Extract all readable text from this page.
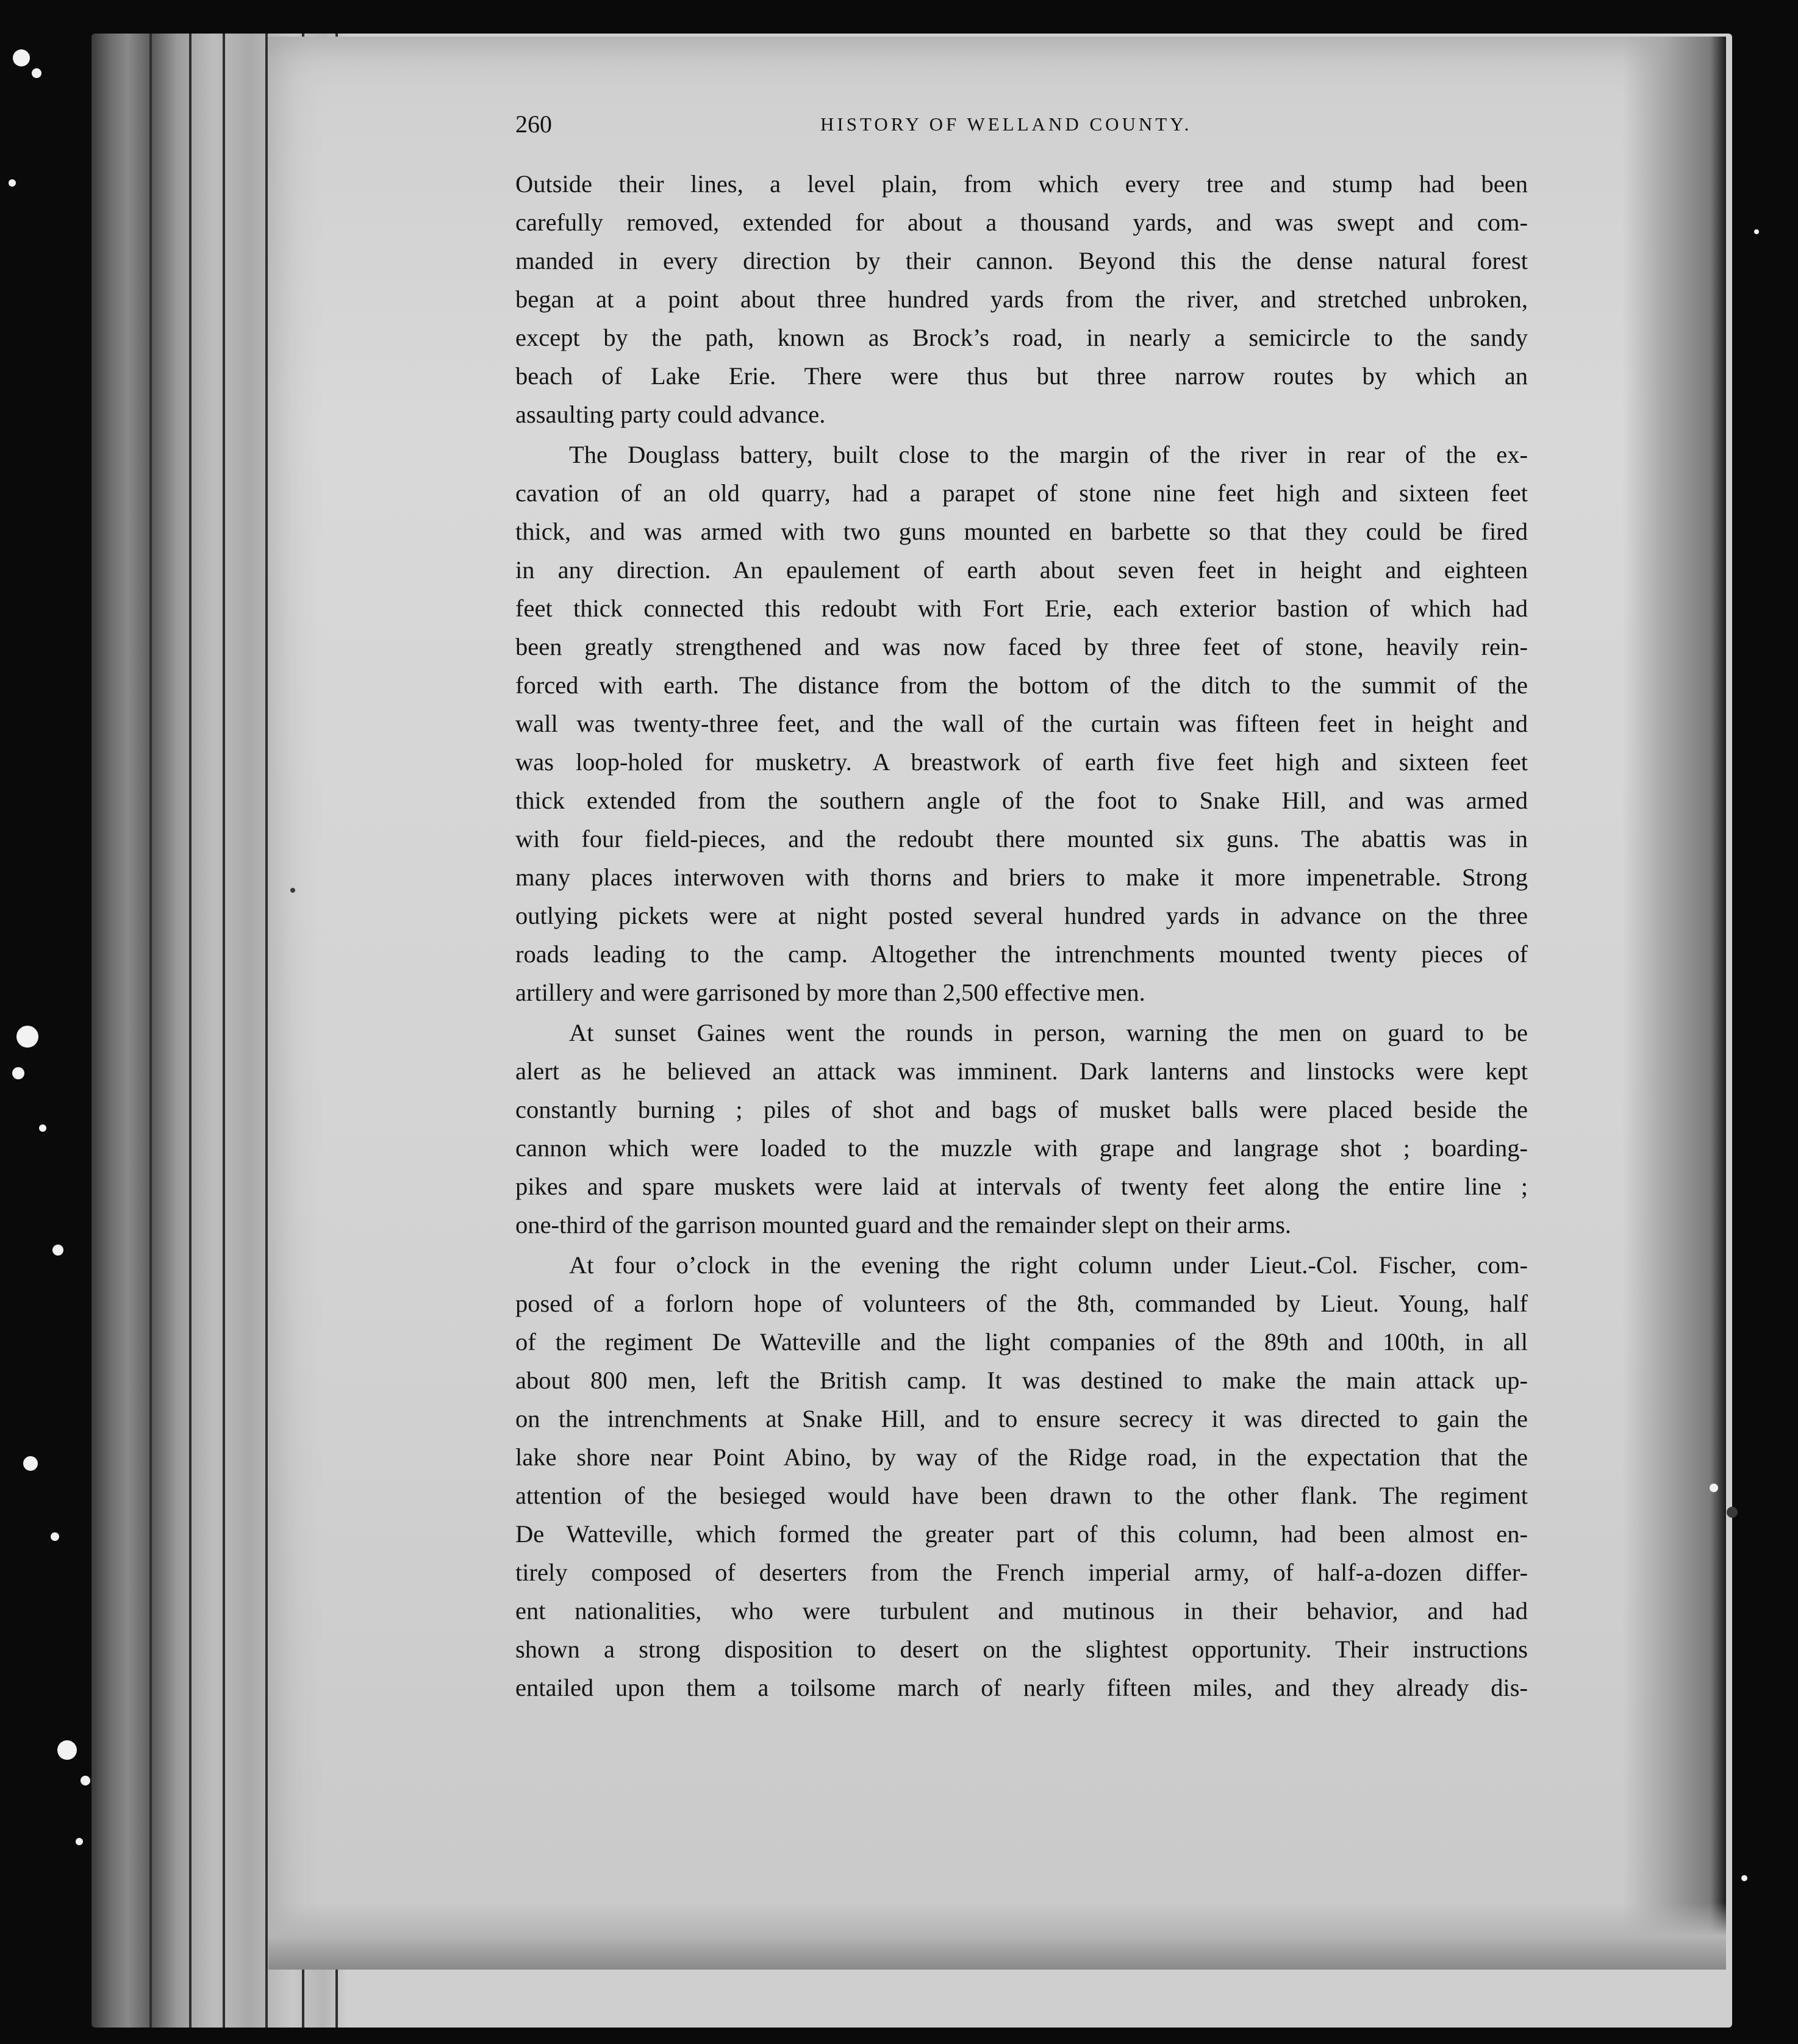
260	HISTORY OF WELLAND COUNTY.
Outside their lines, a level plain, from which every tree and stump had been
carefully removed, extended for about a thousand yards, and was swept and com-
manded in every direction by their cannon. Beyond this the dense natural forest
began at a point about three hundred yards from the river, and stretched unbroken,
except by the path, known as Brock’s road, in nearly a semicircle to the sandy
beach of Lake Erie. There were thus but three narrow routes by which an
assaulting party could advance.
The Douglass battery, built close to the margin of the river in rear of the ex-
cavation of an old quarry, had a parapet of stone nine feet high and sixteen feet
thick, and was armed with two guns mounted en barbette so that they could be fired
in any direction. An epaulement of earth about seven feet in height and eighteen
feet thick connected this redoubt with Fort Erie, each exterior bastion of which had
been greatly strengthened and was now faced by three feet of stone, heavily rein-
forced with earth. The distance from the bottom of the ditch to the summit of the
wall was twenty-three feet, and the wall of the curtain was fifteen feet in height and
was loop-holed for musketry. A breastwork of earth five feet high and sixteen feet
thick extended from the southern angle of the foot to Snake Hill, and was armed
with four field-pieces, and the redoubt there mounted six guns. The abattis was in
many places interwoven with thorns and briers to make it more impenetrable. Strong
outlying pickets were at night posted several hundred yards in advance on the three
roads leading to the camp. Altogether the intrenchments mounted twenty pieces of
artillery and were garrisoned by more than 2,500 effective men.
At sunset Gaines went the rounds in person, warning the men on guard to be
alert as he believed an attack was imminent. Dark lanterns and linstocks were kept
constantly burning ; piles of shot and bags of musket balls were placed beside the
cannon which were loaded to the muzzle with grape and langrage shot ; boarding-
pikes and spare muskets were laid at intervals of twenty feet along the entire line ;
one-third of the garrison mounted guard and the remainder slept on their arms.
At four o’clock in the evening the right column under Lieut.-Col. Fischer, com-
posed of a forlorn hope of volunteers of the 8th, commanded by Lieut. Young, half
of the regiment De Watteville and the light companies of the 89th and 100th, in all
about 800 men, left the British camp. It was destined to make the main attack up-
on the intrenchments at Snake Hill, and to ensure secrecy it was directed to gain the
lake shore near Point Abino, by way of the Ridge road, in the expectation that the
attention of the besieged would have been drawn to the other flank. The regiment
De Watteville, which formed the greater part of this column, had been almost en-
tirely composed of deserters from the French imperial army, of half-a-dozen differ-
ent nationalities, who were turbulent and mutinous in their behavior, and had
shown a strong disposition to desert on the slightest opportunity. Their instructions
entailed upon them a toilsome march of nearly fifteen miles, and they already dis-
